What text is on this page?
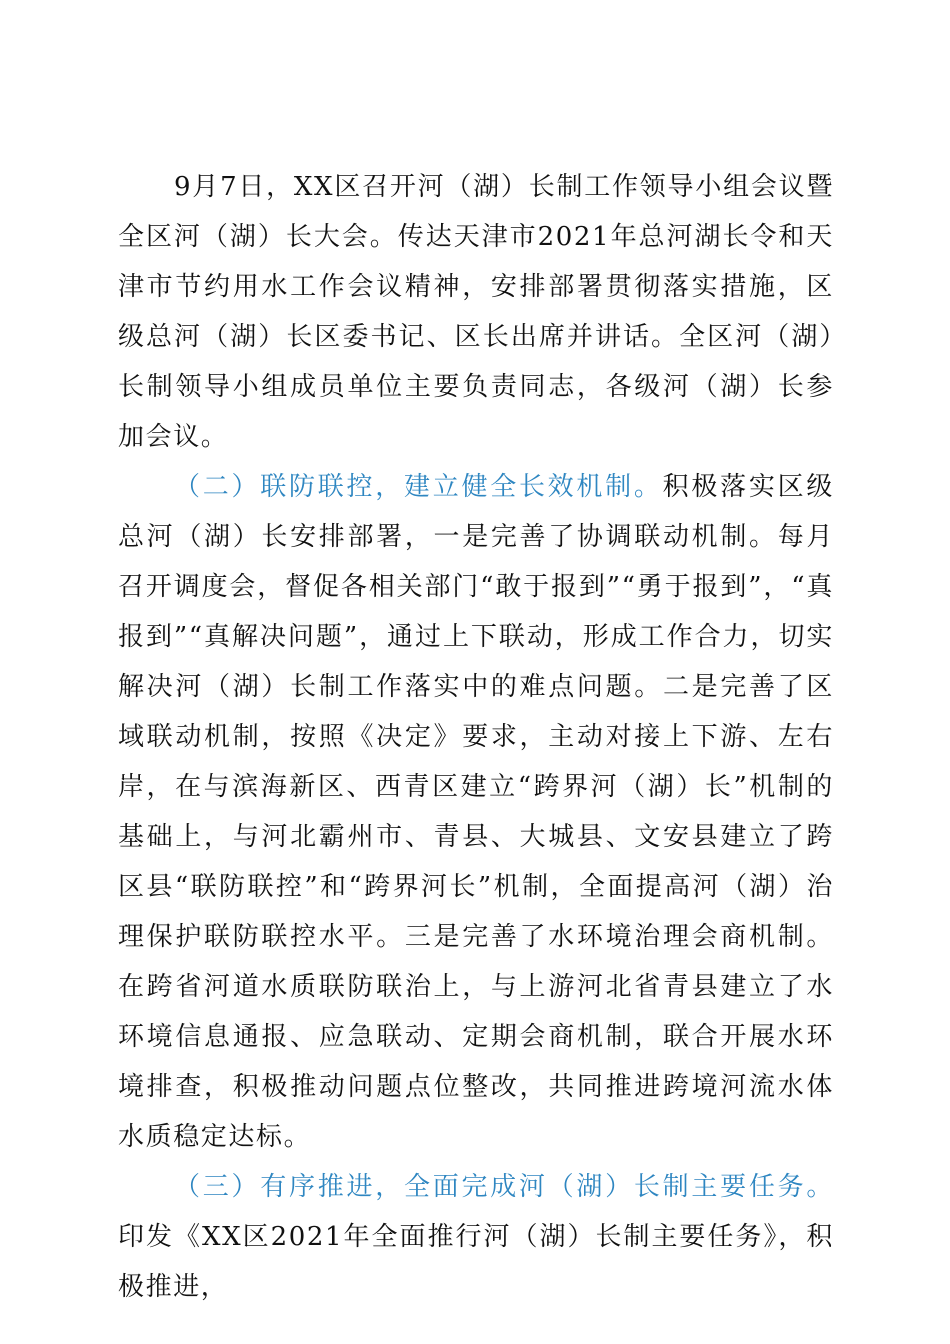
9月7日，XX区召开河（湖）长制工作领导小组会议暨全区河（湖）长大会。传达天津市2021年总河湖长令和天津市节约用水工作会议精神，安排部署贯彻落实措施，区级总河（湖）长区委书记、区长出席并讲话。全区河（湖）长制领导小组成员单位主要负责同志，各级河（湖）长参加会议。

（二）联防联控，建立健全长效机制。积极落实区级总河（湖）长安排部署，一是完善了协调联动机制。每月召开调度会，督促各相关部门“敢于报到”“勇于报到”，“真报到”“真解决问题”，通过上下联动，形成工作合力，切实解决河（湖）长制工作落实中的难点问题。二是完善了区域联动机制，按照《决定》要求，主动对接上下游、左右岸，在与滨海新区、西青区建立“跨界河（湖）长”机制的基础上，与河北霸州市、青县、大城县、文安县建立了跨区县“联防联控”和“跨界河长”机制，全面提高河（湖）治理保护联防联控水平。三是完善了水环境治理会商机制。在跨省河道水质联防联治上，与上游河北省青县建立了水环境信息通报、应急联动、定期会商机制，联合开展水环境排查，积极推动问题点位整改，共同推进跨境河流水体水质稳定达标。

（三）有序推进，全面完成河（湖）长制主要任务。印发《XX区2021年全面推行河（湖）长制主要任务》，积极推进，
